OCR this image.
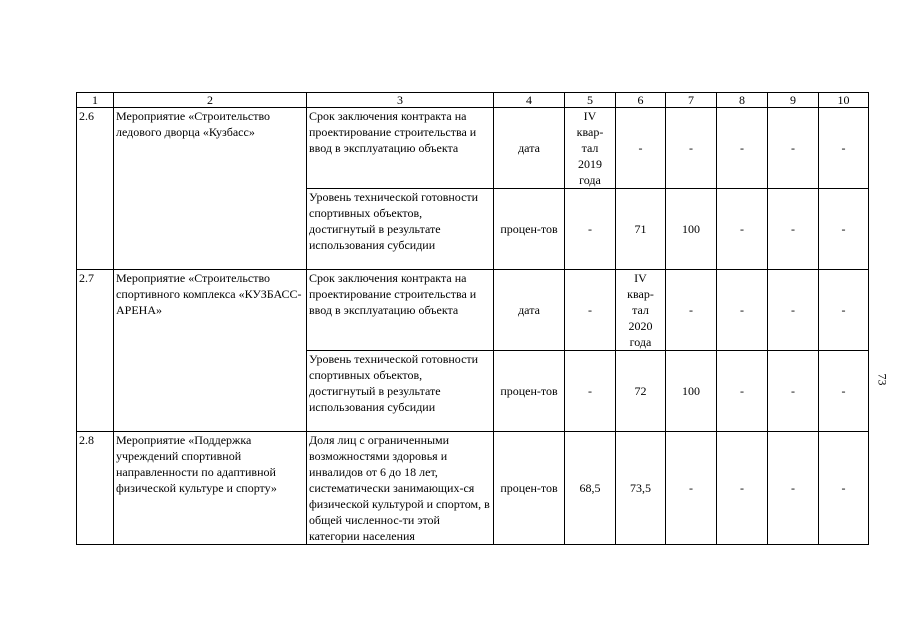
1	2	3	4	5	6	7	8	9	10
2.6	Мероприятие «Строительство ледового дворца «Кузбасс»	Срок заключения контракта на проектирование строительства и ввод в эксплуатацию объекта	дата	IV квар-тал 2019 года	-	-	-	-	-
		Уровень технической готовности спортивных объектов, достигнутый в результате использования субсидии	процен-тов	-	71	100	-	-	-
2.7	Мероприятие «Строительство спортивного комплекса «КУЗБАСС-АРЕНА»	Срок заключения контракта на проектирование строительства и ввод в эксплуатацию объекта	дата	-	IV квар-тал 2020 года	-	-	-	-
		Уровень технической готовности спортивных объектов, достигнутый в результате использования субсидии	процен-тов	-	72	100	-	-	-
2.8	Мероприятие «Поддержка учреждений спортивной направленности по адаптивной физической культуре и спорту»	Доля лиц с ограниченными возможностями здоровья и инвалидов от 6 до 18 лет, систематически занимающих-ся физической культурой и спортом, в общей численнос-ти этой категории населения	процен-тов	68,5	73,5	-	-	-	-
73
